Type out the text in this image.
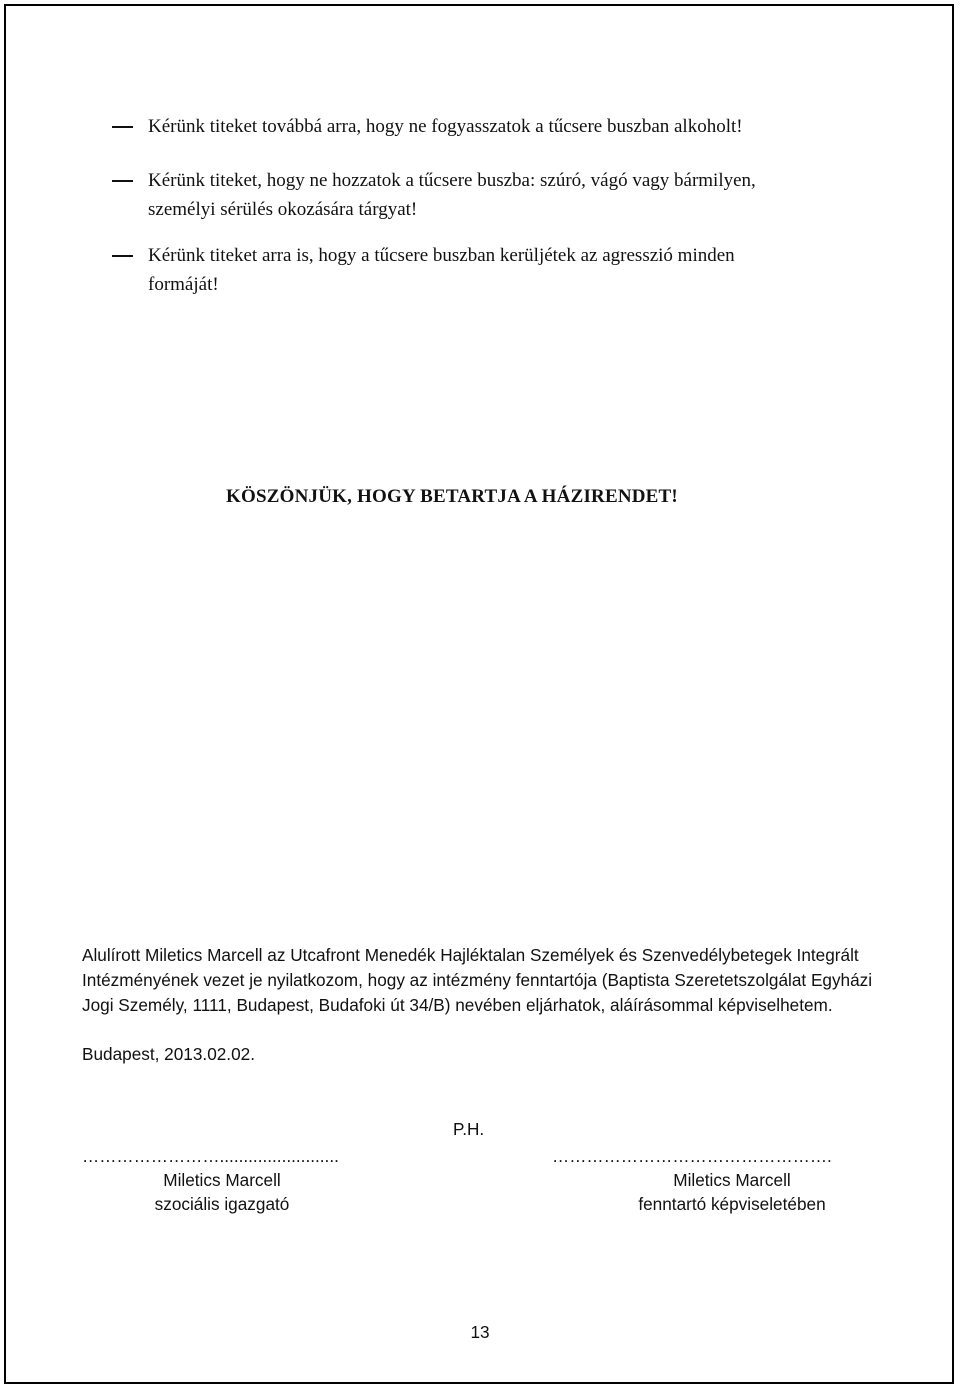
Kérünk titeket továbbá arra, hogy ne fogyasszatok a tűcsere buszban alkoholt!
Kérünk titeket, hogy ne hozzatok a tűcsere buszba: szúró, vágó vagy bármilyen,
személyi sérülés okozására tárgyat!
Kérünk titeket arra is, hogy a tűcsere buszban kerüljétek az agresszió minden
formáját!
KÖSZÖNJÜK, HOGY BETARTJA A HÁZIRENDET!
Alulírott Miletics Marcell az Utcafront Menedék Hajléktalan Személyek és Szenvedélybetegek Integrált
Intézményének vezet je nyilatkozom, hogy az intézmény fenntartója (Baptista Szeretetszolgálat Egyházi
Jogi Személy, 1111, Budapest, Budafoki út 34/B) nevében eljárhatok, aláírásommal képviselhetem.
Budapest, 2013.02.02.
P.H.
…………………….........................
Miletics Marcell
szociális igazgató
………………………………………….
Miletics Marcell
fenntartó képviseletében
13
